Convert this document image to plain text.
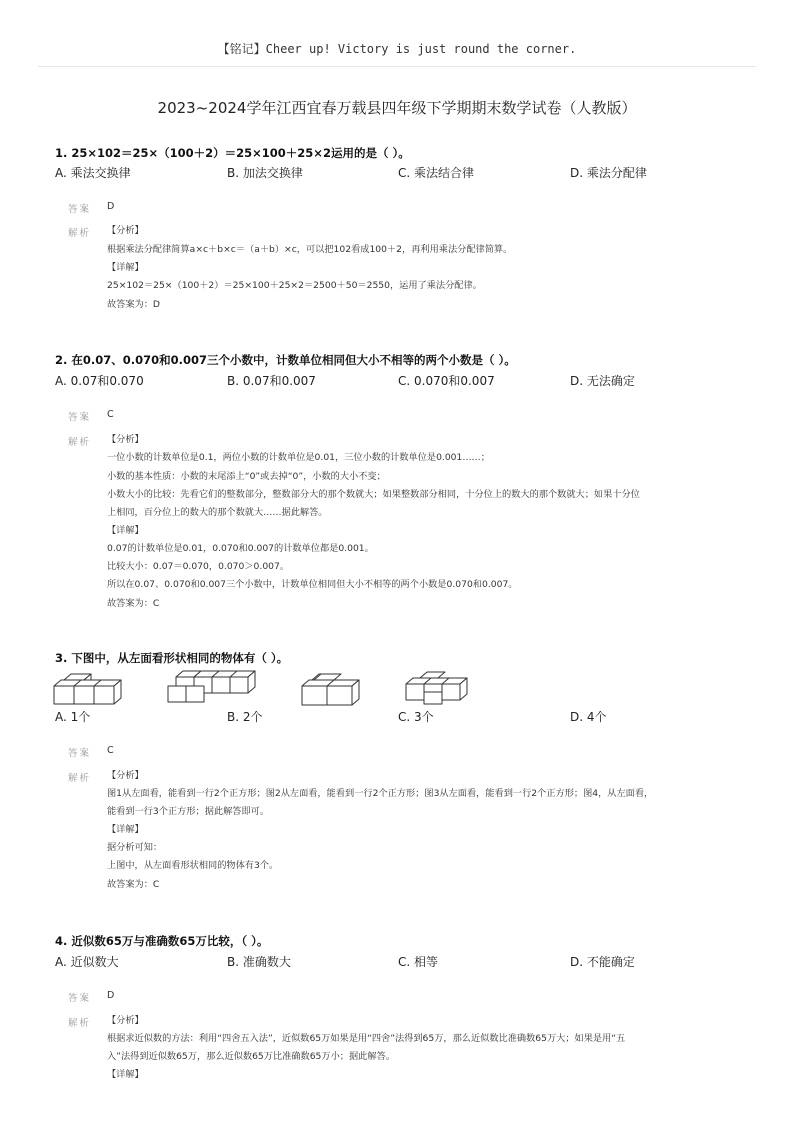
【铭记】Cheer up! Victory is just round the corner.
2023~2024学年江西宜春万载县四年级下学期期末数学试卷（人教版）
1. 25×102＝25×（100＋2）＝25×100＋25×2运用的是（ ）。
A. 乘法交换律	B. 加法交换律	C. 乘法结合律	D. 乘法分配律
答案 D
解析 【分析】
根据乘法分配律简算a×c＋b×c＝（a＋b）×c，可以把102看成100＋2，再利用乘法分配律简算。
【详解】
25×102＝25×（100＋2）＝25×100＋25×2＝2500＋50＝2550，运用了乘法分配律。
故答案为：D
2. 在0.07、0.070和0.007三个小数中，计数单位相同但大小不相等的两个小数是（ ）。
A. 0.07和0.070	B. 0.07和0.007	C. 0.070和0.007	D. 无法确定
答案 C
解析 【分析】
一位小数的计数单位是0.1，两位小数的计数单位是0.01，三位小数的计数单位是0.001……；
小数的基本性质：小数的末尾添上“0”或去掉“0”，小数的大小不变；
小数大小的比较：先看它们的整数部分，整数部分大的那个数就大；如果整数部分相同，十分位上的数大的那个数就大；如果十分位
上相同，百分位上的数大的那个数就大……据此解答。
【详解】
0.07的计数单位是0.01，0.070和0.007的计数单位都是0.001。
比较大小：0.07＝0.070，0.070＞0.007。
所以在0.07、0.070和0.007三个小数中，计数单位相同但大小不相等的两个小数是0.070和0.007。
故答案为：C
3. 下图中，从左面看形状相同的物体有（ ）。
A. 1个	B. 2个	C. 3个	D. 4个
答案 C
解析 【分析】
图1从左面看，能看到一行2个正方形；图2从左面看，能看到一行2个正方形；图3从左面看，能看到一行2个正方形；图4，从左面看，
能看到一行3个正方形；据此解答即可。
【详解】
据分析可知：
上图中，从左面看形状相同的物体有3个。
故答案为：C
4. 近似数65万与准确数65万比较，（ ）。
A. 近似数大	B. 准确数大	C. 相等	D. 不能确定
答案 D
解析 【分析】
根据求近似数的方法：利用“四舍五入法”，近似数65万如果是用“四舍”法得到65万，那么近似数比准确数65万大；如果是用“五
入”法得到近似数65万，那么近似数65万比准确数65万小；据此解答。
【详解】
